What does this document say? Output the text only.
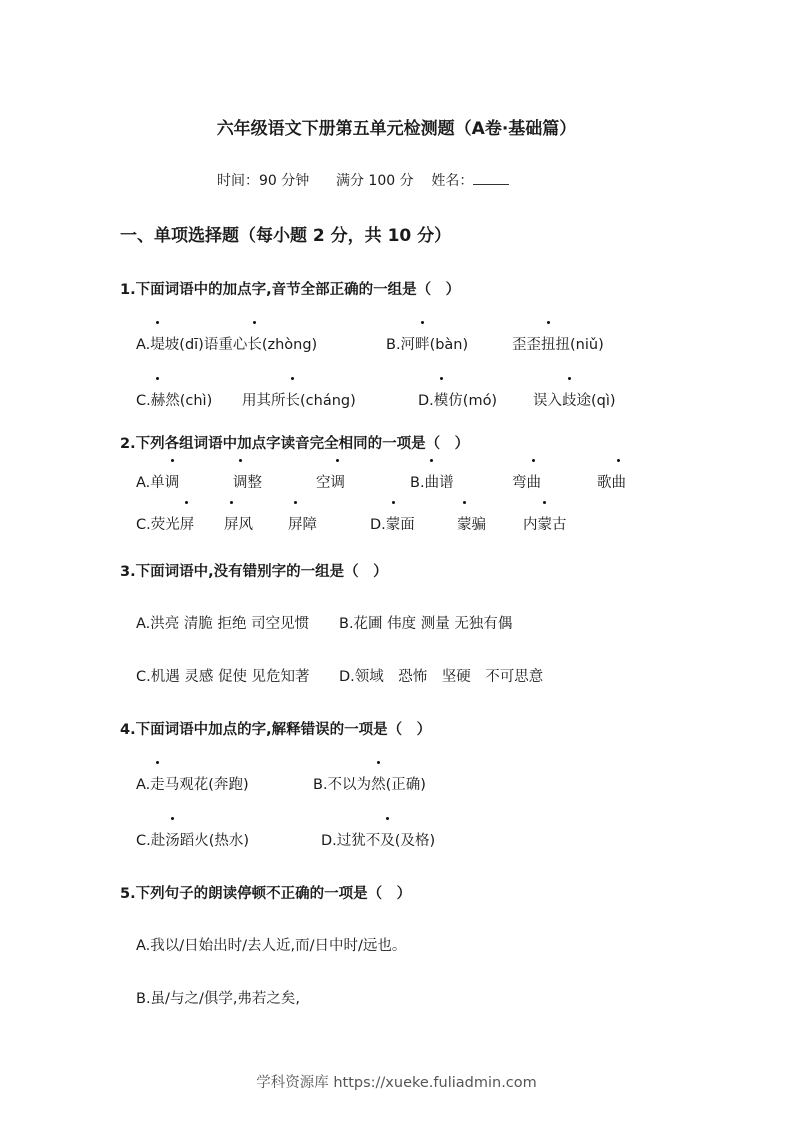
六年级语文下册第五单元检测题（A卷·基础篇）
时间：90 分钟 满分 100 分 姓名：
一、单项选择题（每小题 2 分，共 10 分）
1.下面词语中的加点字,音节全部正确的一组是（　）
A.堤坡(dī)语重心长(zhòng)	B.河畔(bàn)	歪歪扭扭(niǔ)
C.赫然(chì) 用其所长(cháng)	D.模仿(mó) 误入歧途(qì)
2.下列各组词语中加点字读音完全相同的一项是（　）
A.单调	调整	空调	B.曲谱	弯曲	歌曲
C.荧光屏 屏风 屏障	D.蒙面	蒙骗	内蒙古
3.下面词语中,没有错别字的一组是（　）
A.洪亮 清脆 拒绝 司空见惯 B.花圃 伟度 测量 无独有偶
C.机遇 灵感 促使 见危知著 D.领域　恐怖　坚硬　不可思意
4.下面词语中加点的字,解释错误的一项是（　）
A.走马观花(奔跑)	B.不以为然(正确)
C.赴汤蹈火(热水)	D.过犹不及(及格)
5.下列句子的朗读停顿不正确的一项是（　）
A.我以/日始出时/去人近,而/日中时/远也。
B.虽/与之/俱学,弗若之矣,
学科资源库 https://xueke.fuliadmin.com
